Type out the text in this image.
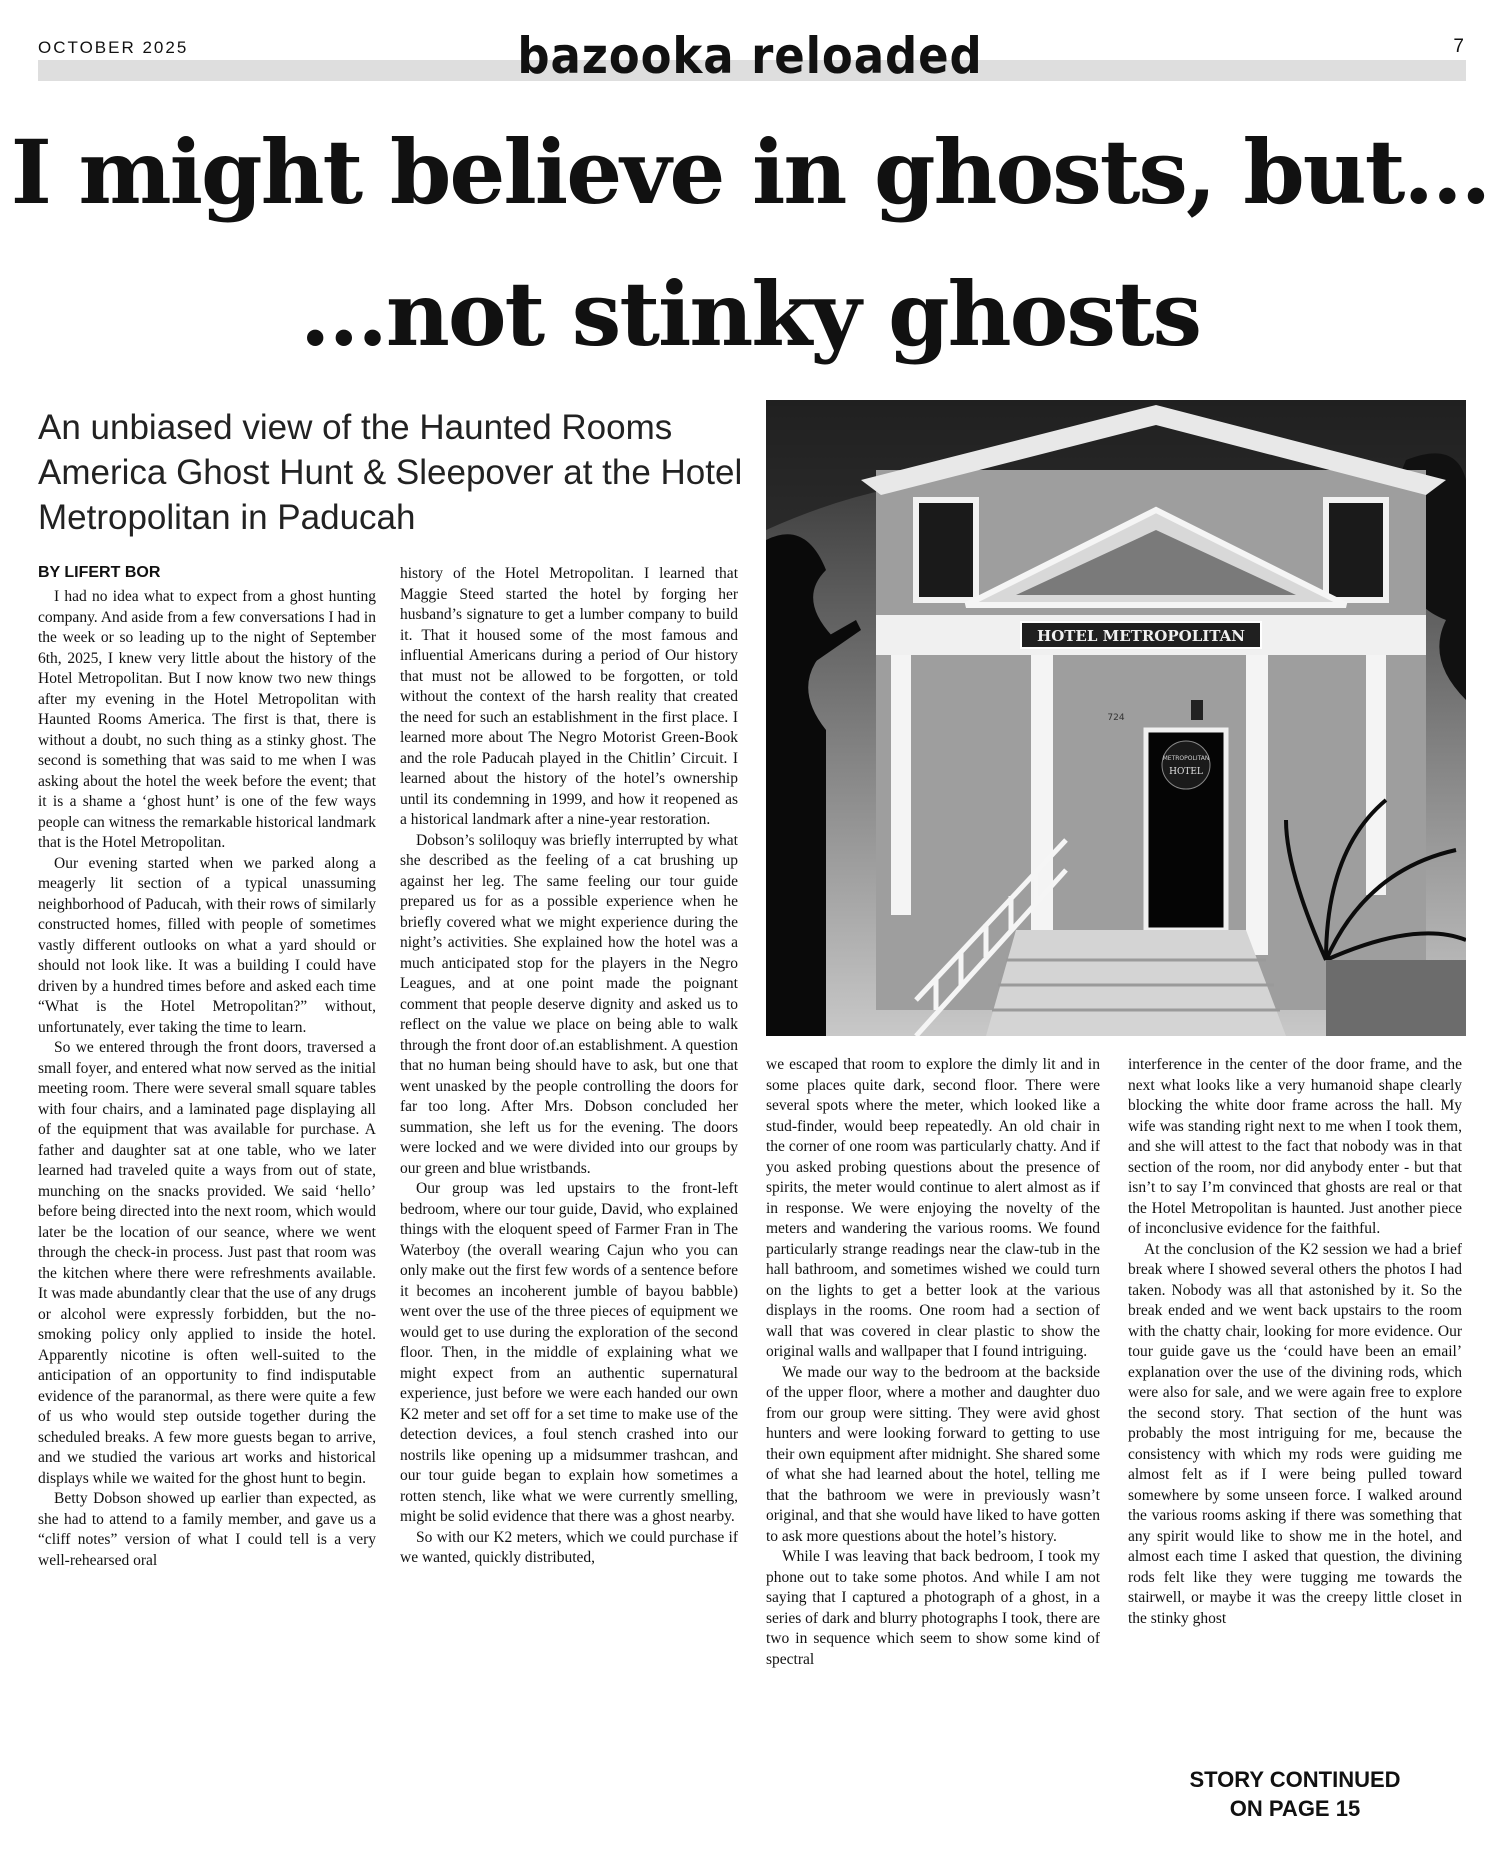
OCTOBER 2025	bazooka reloaded	7
I might believe in ghosts, but...
...not stinky ghosts
An unbiased view of the Haunted Rooms America Ghost Hunt & Sleepover at the Hotel Metropolitan in Paducah
BY LIFERT BOR

I had no idea what to expect from a ghost hunting company. And aside from a few conversations I had in the week or so leading up to the night of September 6th, 2025, I knew very little about the history of the Hotel Metropolitan. But I now know two new things after my evening in the Hotel Metropolitan with Haunted Rooms America. The first is that, there is without a doubt, no such thing as a stinky ghost. The second is something that was said to me when I was asking about the hotel the week before the event; that it is a shame a ‘ghost hunt’ is one of the few ways people can witness the remarkable historical landmark that is the Hotel Metropolitan.

Our evening started when we parked along a meagerly lit section of a typical unassuming neighborhood of Paducah, with their rows of similarly constructed homes, filled with people of sometimes vastly different outlooks on what a yard should or should not look like. It was a building I could have driven by a hundred times before and asked each time “What is the Hotel Metropolitan?” without, unfortunately, ever taking the time to learn.

So we entered through the front doors, traversed a small foyer, and entered what now served as the initial meeting room. There were several small square tables with four chairs, and a laminated page displaying all of the equipment that was available for purchase. A father and daughter sat at one table, who we later learned had traveled quite a ways from out of state, munching on the snacks provided. We said ‘hello’ before being directed into the next room, which would later be the location of our seance, where we went through the check-in process. Just past that room was the kitchen where there were refreshments available. It was made abundantly clear that the use of any drugs or alcohol were expressly forbidden, but the no-smoking policy only applied to inside the hotel. Apparently nicotine is often well-suited to the anticipation of an opportunity to find indisputable evidence of the paranormal, as there were quite a few of us who would step outside together during the scheduled breaks. A few more guests began to arrive, and we studied the various art works and historical displays while we waited for the ghost hunt to begin.

Betty Dobson showed up earlier than expected, as she had to attend to a family member, and gave us a “cliff notes” version of what I could tell is a very well-rehearsed oral

history of the Hotel Metropolitan. I learned that Maggie Steed started the hotel by forging her husband’s signature to get a lumber company to build it. That it housed some of the most famous and influential Americans during a period of Our history that must not be allowed to be forgotten, or told without the context of the harsh reality that created the need for such an establishment in the first place. I learned more about The Negro Motorist Green-Book and the role Paducah played in the Chitlin’ Circuit. I learned about the history of the hotel’s ownership until its condemning in 1999, and how it reopened as a historical landmark after a nine-year restoration.

Dobson’s soliloquy was briefly interrupted by what she described as the feeling of a cat brushing up against her leg. The same feeling our tour guide prepared us for as a possible experience when he briefly covered what we might experience during the night’s activities. She explained how the hotel was a much anticipated stop for the players in the Negro Leagues, and at one point made the poignant comment that people deserve dignity and asked us to reflect on the value we place on being able to walk through the front door of.an establishment. A question that no human being should have to ask, but one that went unasked by the people controlling the doors for far too long. After Mrs. Dobson concluded her summation, she left us for the evening. The doors were locked and we were divided into our groups by our green and blue wristbands.

Our group was led upstairs to the front-left bedroom, where our tour guide, David, who explained things with the eloquent speed of Farmer Fran in The Waterboy (the overall wearing Cajun who you can only make out the first few words of a sentence before it becomes an incoherent jumble of bayou babble) went over the use of the three pieces of equipment we would get to use during the exploration of the second floor. Then, in the middle of explaining what we might expect from an authentic supernatural experience, just before we were each handed our own K2 meter and set off for a set time to make use of the detection devices, a foul stench crashed into our nostrils like opening up a midsummer trashcan, and our tour guide began to explain how sometimes a rotten stench, like what we were currently smelling, might be solid evidence that there was a ghost nearby.

So with our K2 meters, which we could purchase if we wanted, quickly distributed,

HOTEL METROPOLITAN
METROPOLITAN
HOTEL
724

we escaped that room to explore the dimly lit and in some places quite dark, second floor. There were several spots where the meter, which looked like a stud-finder, would beep repeatedly. An old chair in the corner of one room was particularly chatty. And if you asked probing questions about the presence of spirits, the meter would continue to alert almost as if in response. We were enjoying the novelty of the meters and wandering the various rooms. We found particularly strange readings near the claw-tub in the hall bathroom, and sometimes wished we could turn on the lights to get a better look at the various displays in the rooms. One room had a section of wall that was covered in clear plastic to show the original walls and wallpaper that I found intriguing.

We made our way to the bedroom at the backside of the upper floor, where a mother and daughter duo from our group were sitting. They were avid ghost hunters and were looking forward to getting to use their own equipment after midnight. She shared some of what she had learned about the hotel, telling me that the bathroom we were in previously wasn’t original, and that she would have liked to have gotten to ask more questions about the hotel’s history.

While I was leaving that back bedroom, I took my phone out to take some photos. And while I am not saying that I captured a photograph of a ghost, in a series of dark and blurry photographs I took, there are two in sequence which seem to show some kind of spectral

interference in the center of the door frame, and the next what looks like a very humanoid shape clearly blocking the white door frame across the hall. My wife was standing right next to me when I took them, and she will attest to the fact that nobody was in that section of the room, nor did anybody enter - but that isn’t to say I’m convinced that ghosts are real or that the Hotel Metropolitan is haunted. Just another piece of inconclusive evidence for the faithful.

At the conclusion of the K2 session we had a brief break where I showed several others the photos I had taken. Nobody was all that astonished by it. So the break ended and we went back upstairs to the room with the chatty chair, looking for more evidence. Our tour guide gave us the ‘could have been an email’ explanation over the use of the divining rods, which were also for sale, and we were again free to explore the second story. That section of the hunt was probably the most intriguing for me, because the consistency with which my rods were guiding me almost felt as if I were being pulled toward somewhere by some unseen force. I walked around the various rooms asking if there was something that any spirit would like to show me in the hotel, and almost each time I asked that question, the divining rods felt like they were tugging me towards the stairwell, or maybe it was the creepy little closet in the stinky ghost

STORY CONTINUED
ON PAGE 15
